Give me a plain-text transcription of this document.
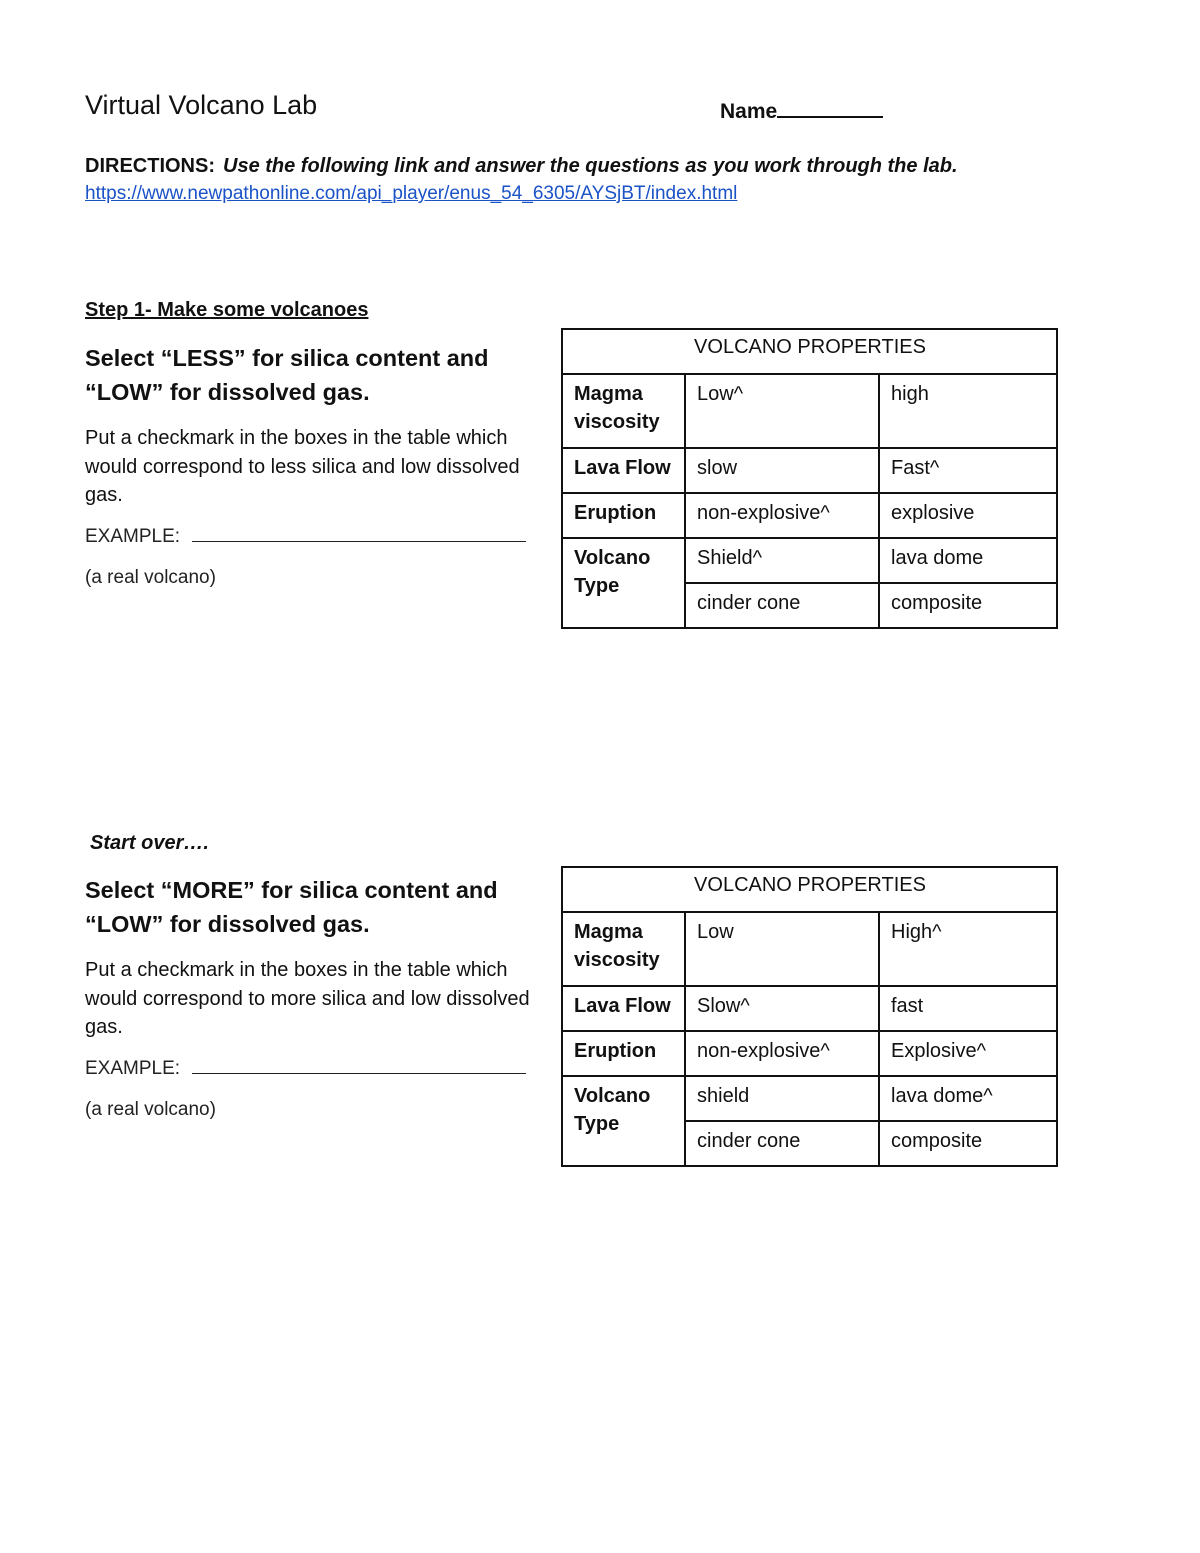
Virtual Volcano Lab	Name
DIRECTIONS: Use the following link and answer the questions as you work through the lab.
https://www.newpathonline.com/api_player/enus_54_6305/AYSjBT/index.html
Step 1- Make some volcanoes
Select “LESS” for silica content and “LOW” for dissolved gas.
Put a checkmark in the boxes in the table which would correspond to less silica and low dissolved gas.
EXAMPLE:
(a real volcano)
VOLCANO PROPERTIES		
Magma viscosity	Low^	high
Lava Flow	slow	Fast^
Eruption	non-explosive^	explosive
Volcano Type	Shield^	lava dome
	cinder cone	composite
Start over….
Select “MORE” for silica content and “LOW” for dissolved gas.
Put a checkmark in the boxes in the table which would correspond to more silica and low dissolved gas.
EXAMPLE:
(a real volcano)
VOLCANO PROPERTIES		
Magma viscosity	Low	High^
Lava Flow	Slow^	fast
Eruption	non-explosive^	Explosive^
Volcano Type	shield	lava dome^
	cinder cone	composite
